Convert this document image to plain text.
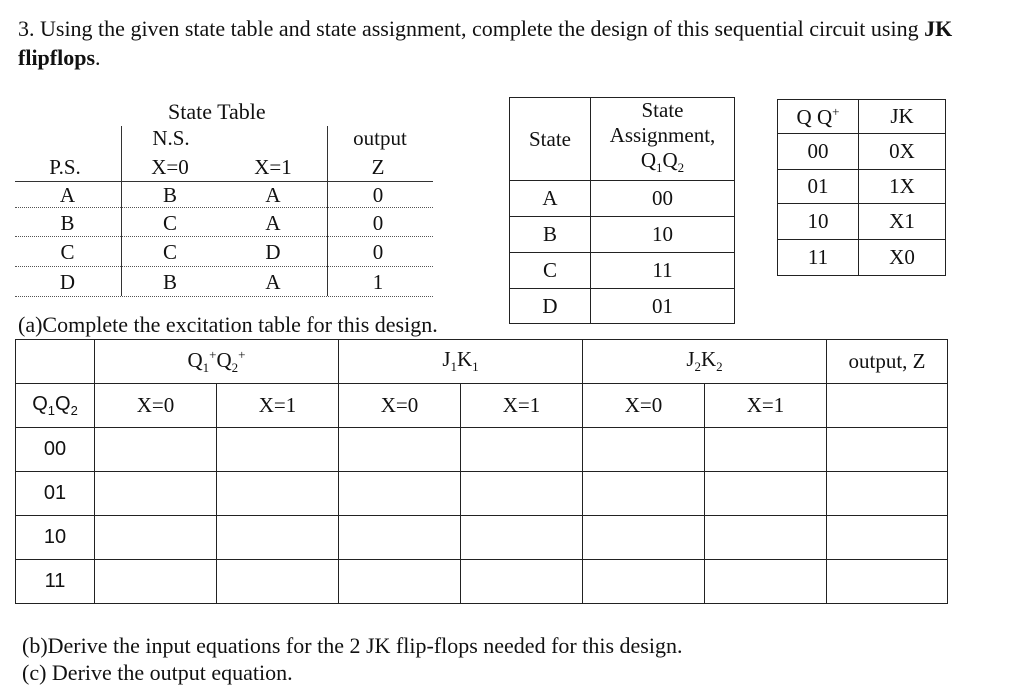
3. Using the given state table and state assignment, complete the design of this sequential circuit using JK flipflops.
State Table
N.S.	output
P.S.	X=0	X=1	Z
A	B	A	0
B	C	A	0
C	C	D	0
D	B	A	1
State	State
Assignment,
$Q_1Q_2$

A	00
B	10
C	11
D	01
Q Q+	JK
00	0X
01	1X
10	X1
11	X0
(a)Complete the excitation table for this design.
	$Q_1^+Q_2^+$		$J_1K_1$		$J_2K_2$		output, Z
$Q_1Q_2$	X=0	X=1	X=0	X=1	X=0	X=1	
00							
01							
10							
11							
(b)Derive the input equations for the 2 JK flip-flops needed for this design.
(c) Derive the output equation.
